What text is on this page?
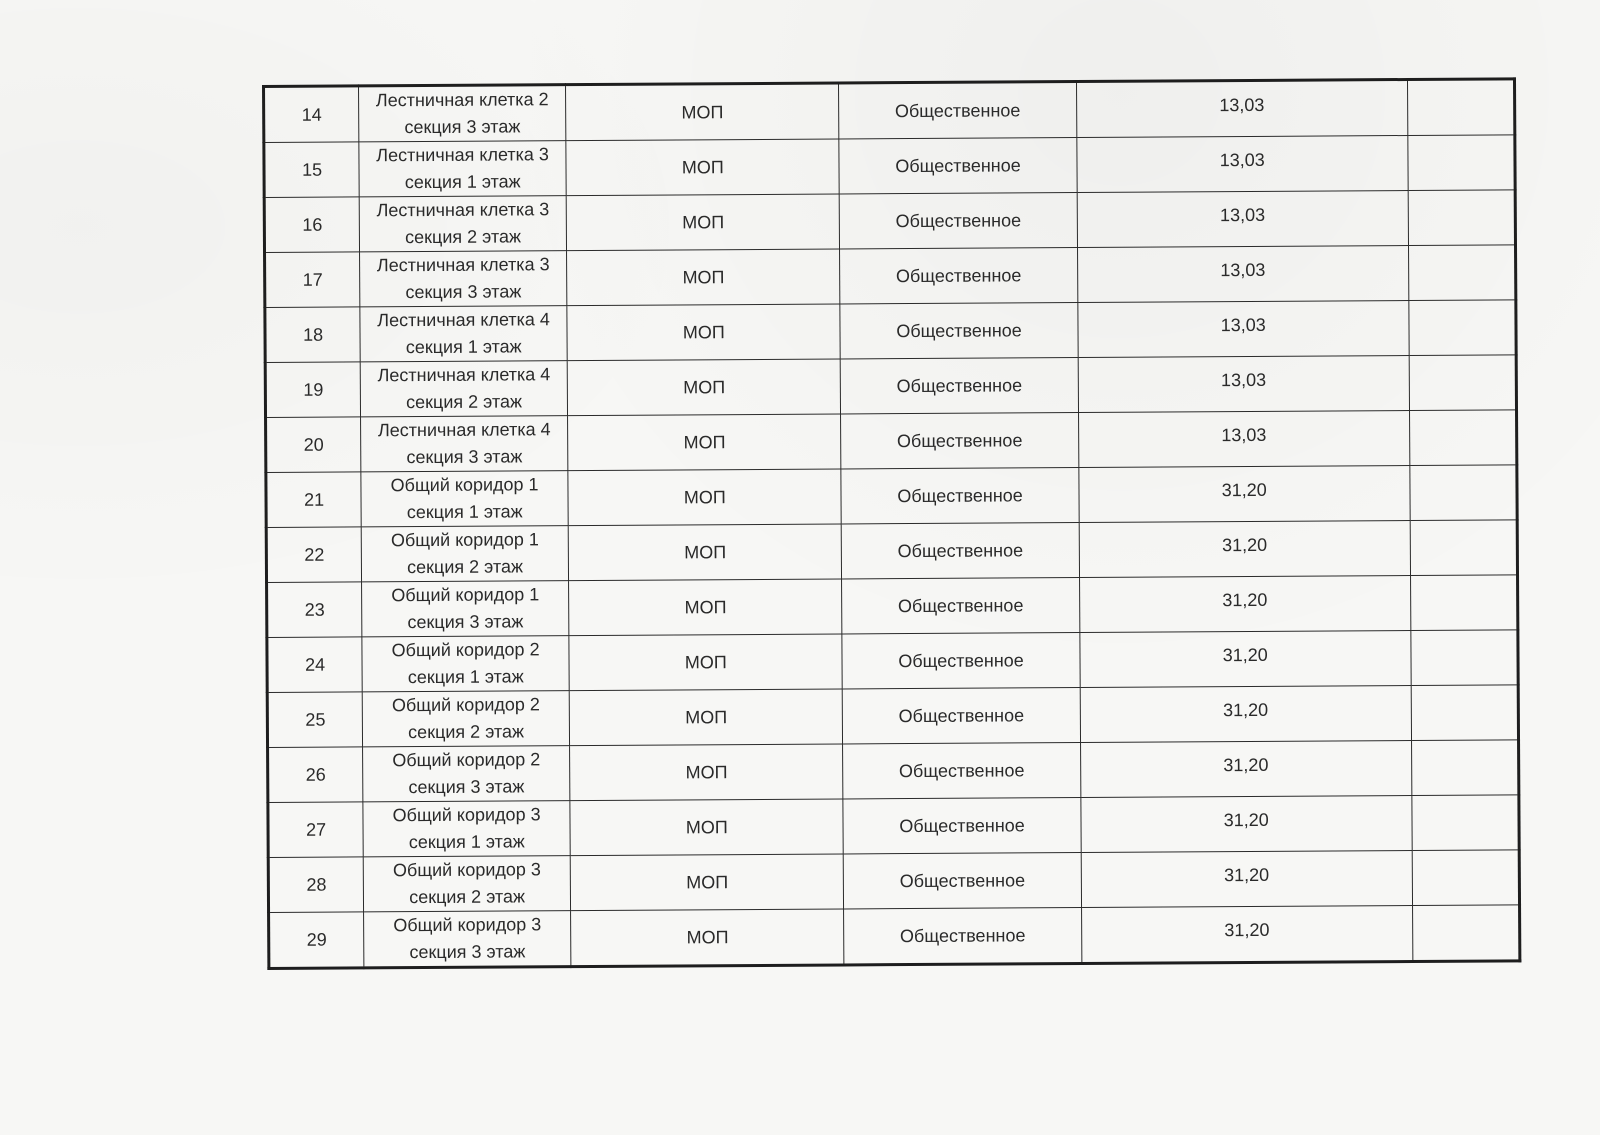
14	Лестничная клетка 2
секция 3 этаж	МОП	Общественное	13,03	
15	Лестничная клетка 3
секция 1 этаж	МОП	Общественное	13,03	
16	Лестничная клетка 3
секция 2 этаж	МОП	Общественное	13,03	
17	Лестничная клетка 3
секция 3 этаж	МОП	Общественное	13,03	
18	Лестничная клетка 4
секция 1 этаж	МОП	Общественное	13,03	
19	Лестничная клетка 4
секция 2 этаж	МОП	Общественное	13,03	
20	Лестничная клетка 4
секция 3 этаж	МОП	Общественное	13,03	
21	Общий коридор 1
секция 1 этаж	МОП	Общественное	31,20	
22	Общий коридор 1
секция 2 этаж	МОП	Общественное	31,20	
23	Общий коридор 1
секция 3 этаж	МОП	Общественное	31,20	
24	Общий коридор 2
секция 1 этаж	МОП	Общественное	31,20	
25	Общий коридор 2
секция 2 этаж	МОП	Общественное	31,20	
26	Общий коридор 2
секция 3 этаж	МОП	Общественное	31,20	
27	Общий коридор 3
секция 1 этаж	МОП	Общественное	31,20	
28	Общий коридор 3
секция 2 этаж	МОП	Общественное	31,20	
29	Общий коридор 3
секция 3 этаж	МОП	Общественное	31,20	
